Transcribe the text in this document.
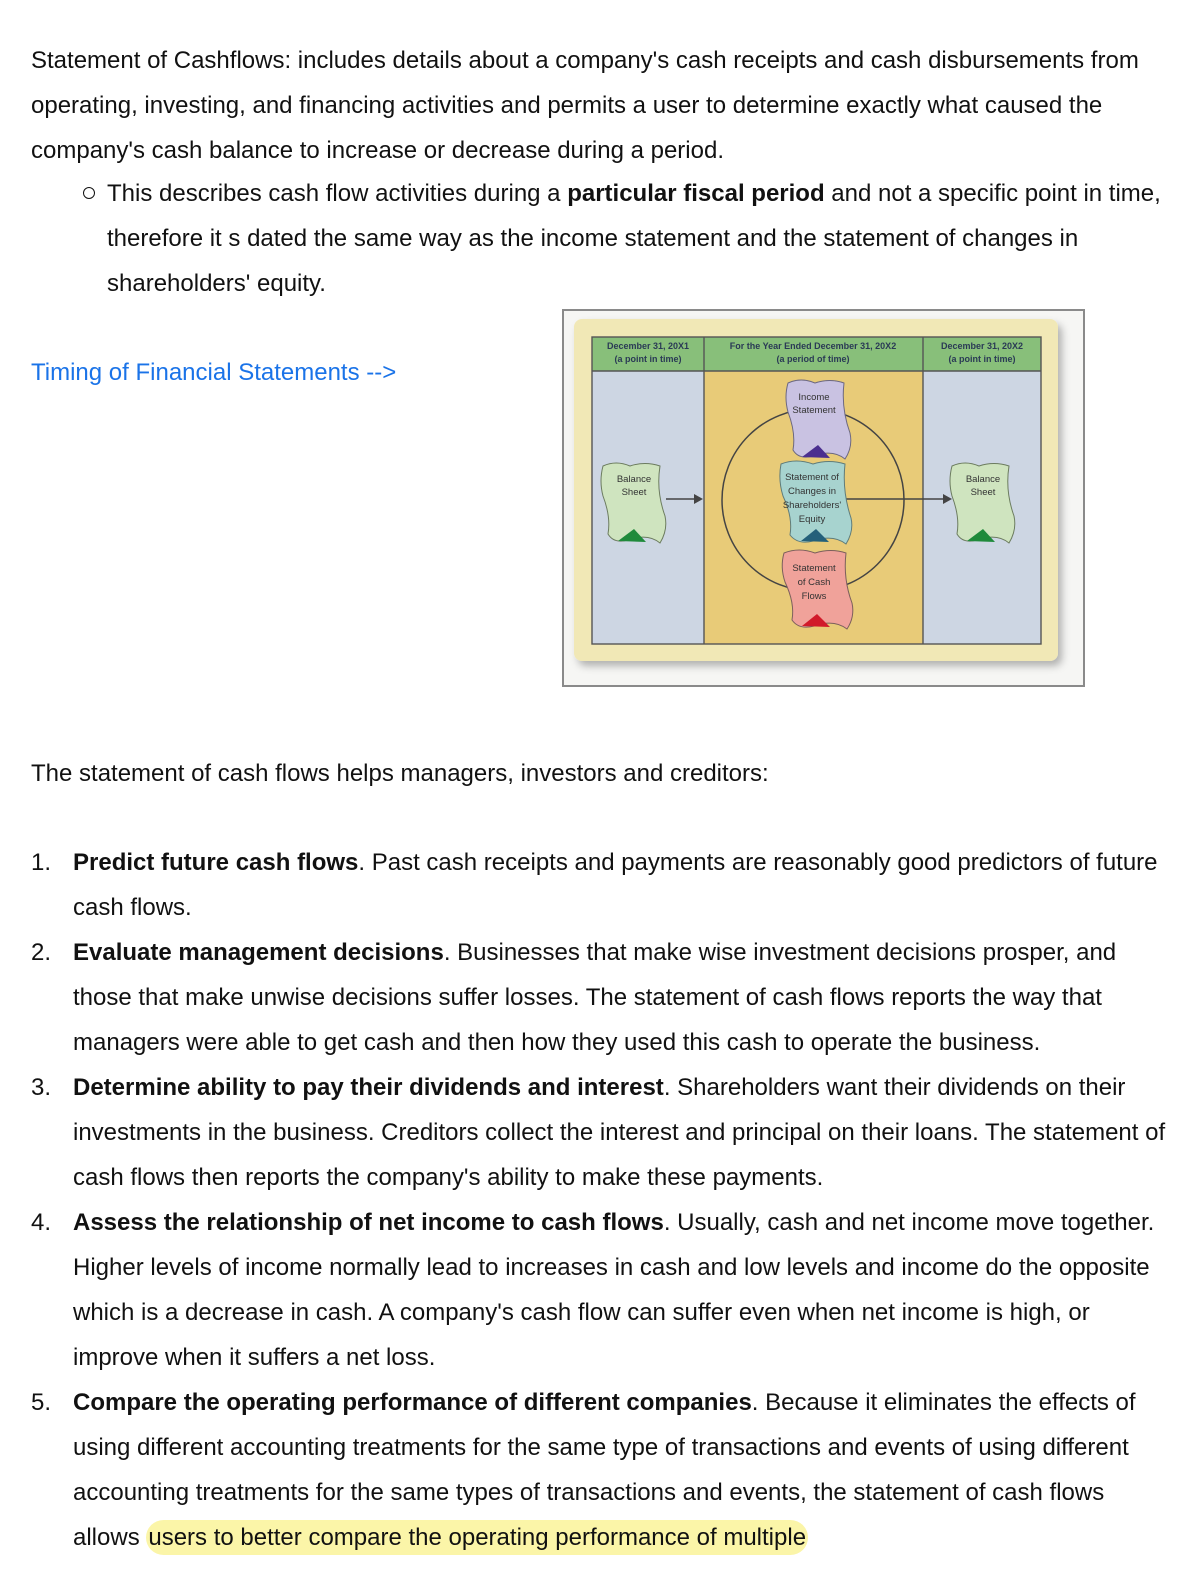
Statement of Cashflows: includes details about a company's cash receipts and cash disbursements from operating, investing, and financing activities and permits a user to determine exactly what caused the company's cash balance to increase or decrease during a period.

This describes cash flow activities during a particular fiscal period and not a specific point in time, therefore it s dated the same way as the income statement and the statement of changes in shareholders' equity.

Timing of Financial Statements -->
December 31, 20X1
(a point in time)
For the Year Ended December 31, 20X2
(a period of time)
December 31, 20X2
(a point in time)
Balance
Sheet
Balance
Sheet
Income
Statement
Statement of
Changes in
Shareholders'
Equity
Statement
of Cash
Flows

The statement of cash flows helps managers, investors and creditors:

1. Predict future cash flows. Past cash receipts and payments are reasonably good predictors of future cash flows.
2. Evaluate management decisions. Businesses that make wise investment decisions prosper, and those that make unwise decisions suffer losses. The statement of cash flows reports the way that managers were able to get cash and then how they used this cash to operate the business.
3. Determine ability to pay their dividends and interest. Shareholders want their dividends on their investments in the business. Creditors collect the interest and principal on their loans. The statement of cash flows then reports the company's ability to make these payments.
4. Assess the relationship of net income to cash flows. Usually, cash and net income move together. Higher levels of income normally lead to increases in cash and low levels and income do the opposite which is a decrease in cash. A company's cash flow can suffer even when net income is high, or improve when it suffers a net loss.
5. Compare the operating performance of different companies. Because it eliminates the effects of using different accounting treatments for the same type of transactions and events of using different accounting treatments for the same types of transactions and events, the statement of cash flows allows users to better compare the operating performance of multiple
